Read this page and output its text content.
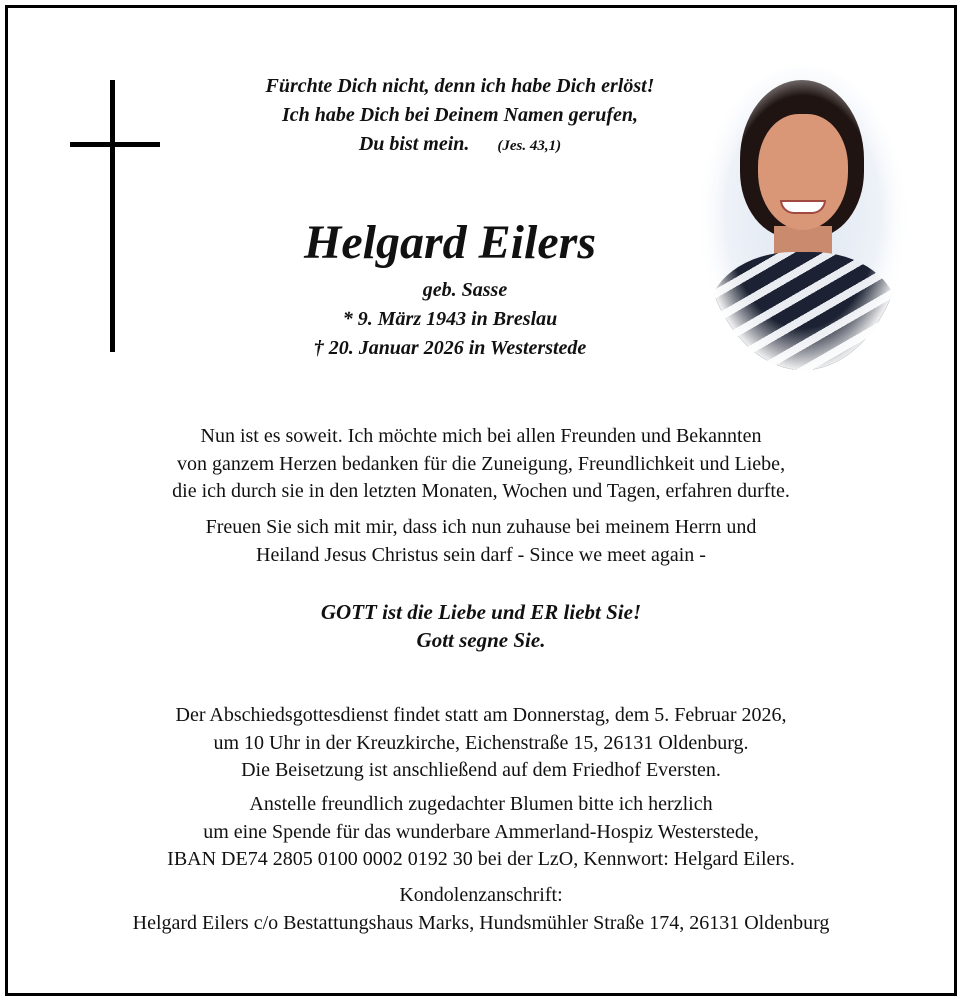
Fürchte Dich nicht, denn ich habe Dich erlöst!
Ich habe Dich bei Deinem Namen gerufen,
Du bist mein. (Jes. 43,1)
Helgard Eilers
geb. Sasse
* 9. März 1943 in Breslau
† 20. Januar 2026 in Westerstede
Nun ist es soweit. Ich möchte mich bei allen Freunden und Bekannten
von ganzem Herzen bedanken für die Zuneigung, Freundlichkeit und Liebe,
die ich durch sie in den letzten Monaten, Wochen und Tagen, erfahren durfte.
Freuen Sie sich mit mir, dass ich nun zuhause bei meinem Herrn und
Heiland Jesus Christus sein darf - Since we meet again -
GOTT ist die Liebe und ER liebt Sie!
Gott segne Sie.
Der Abschiedsgottesdienst findet statt am Donnerstag, dem 5. Februar 2026,
um 10 Uhr in der Kreuzkirche, Eichenstraße 15, 26131 Oldenburg.
Die Beisetzung ist anschließend auf dem Friedhof Eversten.
Anstelle freundlich zugedachter Blumen bitte ich herzlich
um eine Spende für das wunderbare Ammerland-Hospiz Westerstede,
IBAN DE74 2805 0100 0002 0192 30 bei der LzO, Kennwort: Helgard Eilers.
Kondolenzanschrift:
Helgard Eilers c/o Bestattungshaus Marks, Hundsmühler Straße 174, 26131 Oldenburg
